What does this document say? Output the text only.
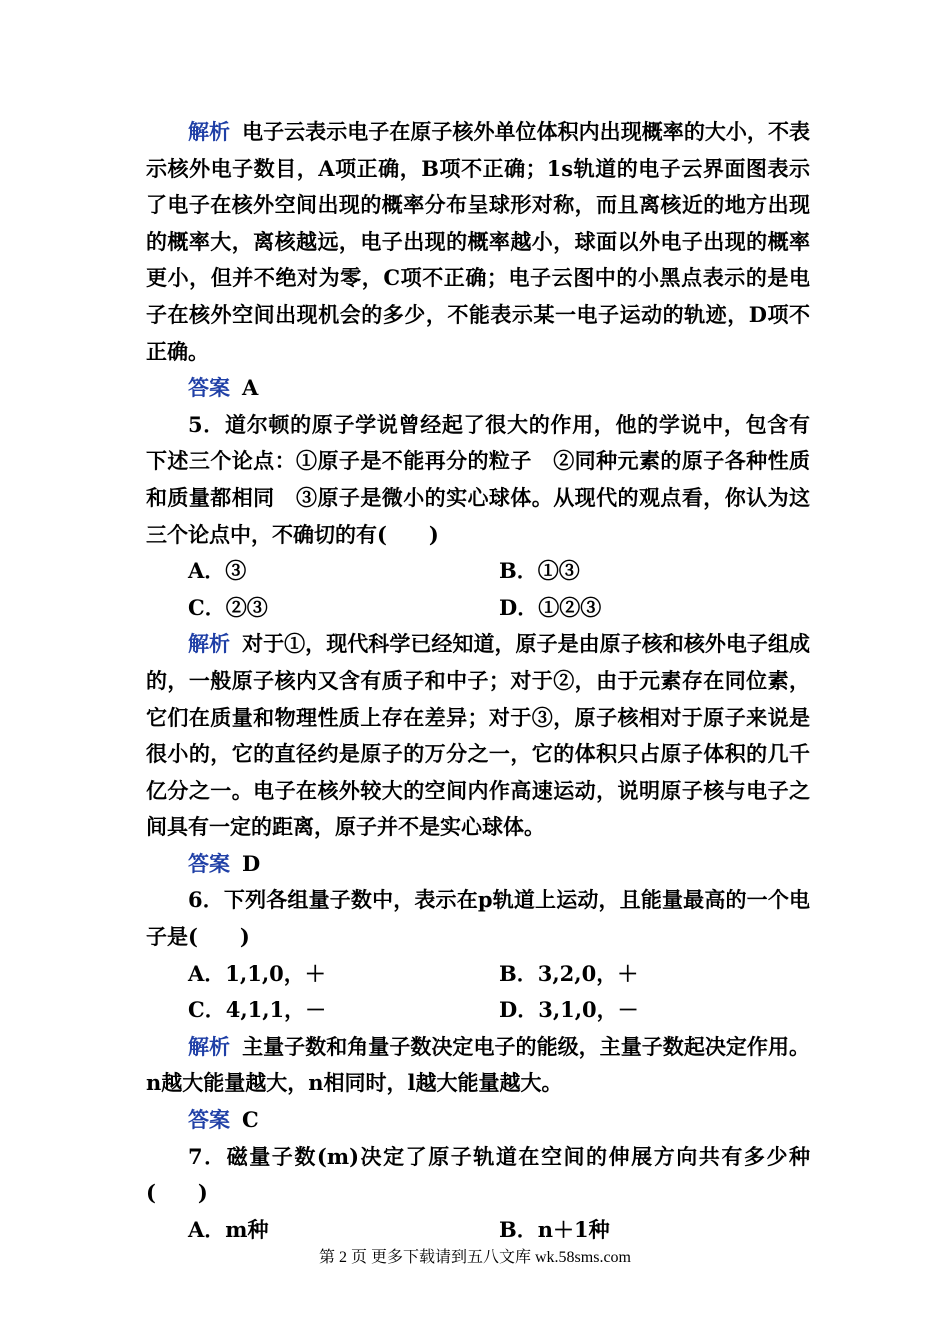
解析 电子云表示电子在原子核外单位体积内出现概率的大小，不表示核外电子数目，A项正确，B项不正确；1s轨道的电子云界面图表示了电子在核外空间出现的概率分布呈球形对称，而且离核近的地方出现的概率大，离核越远，电子出现的概率越小，球面以外电子出现的概率更小，但并不绝对为零，C项不正确；电子云图中的小黑点表示的是电子在核外空间出现机会的多少，不能表示某一电子运动的轨迹，D项不正确。

答案 A

5．道尔顿的原子学说曾经起了很大的作用，他的学说中，包含有下述三个论点：①原子是不能再分的粒子　②同种元素的原子各种性质和质量都相同　③原子是微小的实心球体。从现代的观点看，你认为这三个论点中，不确切的有(　　)

A．③	B．①③
C．②③	D．①②③

解析 对于①，现代科学已经知道，原子是由原子核和核外电子组成的，一般原子核内又含有质子和中子；对于②，由于元素存在同位素，它们在质量和物理性质上存在差异；对于③，原子核相对于原子来说是很小的，它的直径约是原子的万分之一，它的体积只占原子体积的几千亿分之一。电子在核外较大的空间内作高速运动，说明原子核与电子之间具有一定的距离，原子并不是实心球体。

答案 D

6．下列各组量子数中，表示在p轨道上运动，且能量最高的一个电子是(　　)

A．1,1,0，＋	B．3,2,0，＋
C．4,1,1，－	D．3,1,0，－

解析 主量子数和角量子数决定电子的能级，主量子数起决定作用。n越大能量越大，n相同时，l越大能量越大。

答案 C

7．磁量子数(m)决定了原子轨道在空间的伸展方向共有多少种(　　)

A．m种	B．n＋1种
第 2 页 更多下载请到五八文库 wk.58sms.com
